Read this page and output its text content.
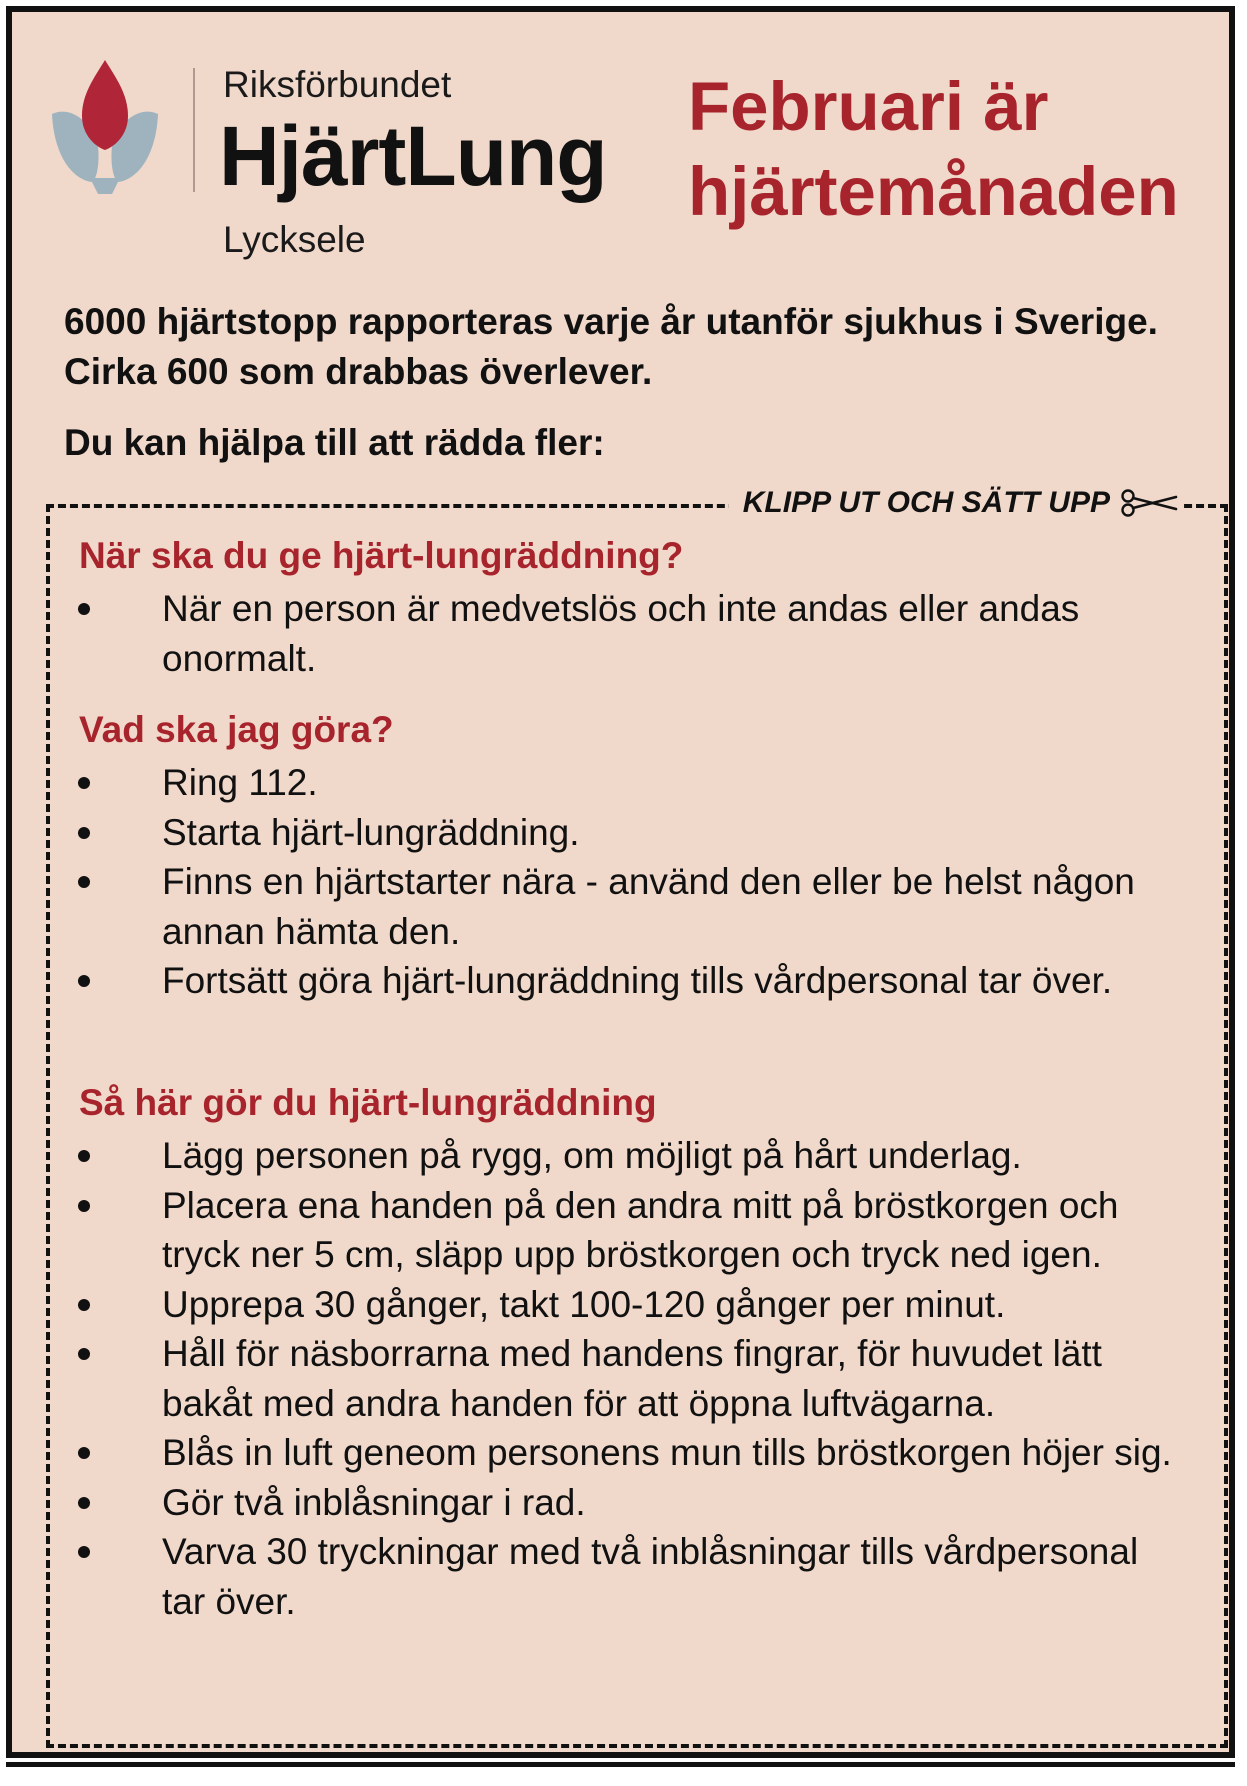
Riksförbundet
HjärtLung
Lycksele
Februari är
hjärtemånaden

6000 hjärtstopp rapporteras varje år utanför sjukhus i Sverige. Cirka 600 som drabbas överlever.

Du kan hjälpa till att rädda fler:

KLIPP UT OCH SÄTT UPP
När ska du ge hjärt-lungräddning?
När en person är medvetslös och inte andas eller andas onormalt.
Vad ska jag göra?
Ring 112.
Starta hjärt-lungräddning.
Finns en hjärtstarter nära - använd den eller be helst någon annan hämta den.
Fortsätt göra hjärt-lungräddning tills vårdpersonal tar över.
Så här gör du hjärt-lungräddning
Lägg personen på rygg, om möjligt på hårt underlag.
Placera ena handen på den andra mitt på bröstkorgen och tryck ner 5 cm, släpp upp bröstkorgen och tryck ned igen.
Upprepa 30 gånger, takt 100-120 gånger per minut.
Håll för näsborrarna med handens fingrar, för huvudet lätt bakåt med andra handen för att öppna luftvägarna.
Blås in luft geneom personens mun tills bröstkorgen höjer sig.
Gör två inblåsningar i rad.
Varva 30 tryckningar med två inblåsningar tills vårdpersonal tar över.
